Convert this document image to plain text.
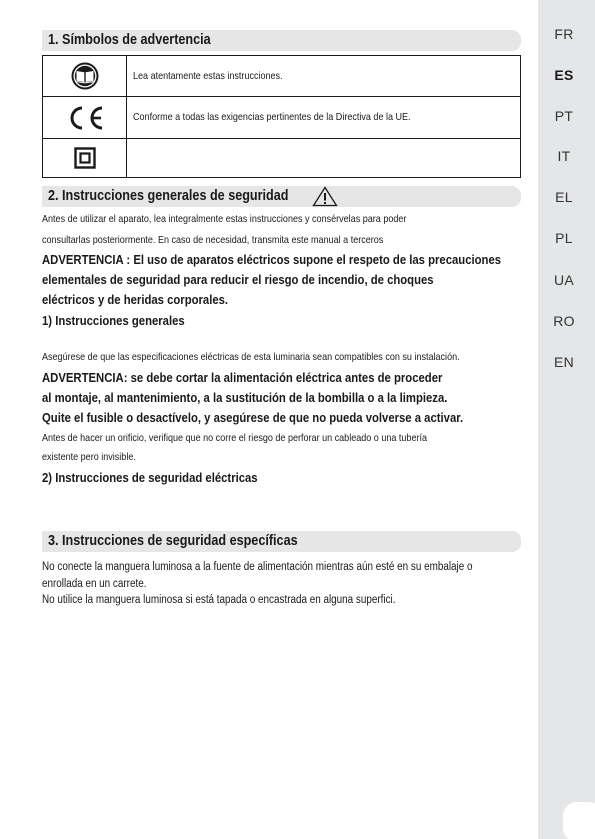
FR
ES
PT
IT
EL
PL
UA
RO
EN
1. Símbolos de advertencia
Lea atentamente estas instrucciones.
Conforme a todas las exigencias pertinentes de la Directiva de la UE.
2. Instrucciones generales de seguridad
Antes de utilizar el aparato, lea integralmente estas instrucciones y consérvelas para poder
consultarlas posteriormente. En caso de necesidad, transmita este manual a terceros
ADVERTENCIA : El uso de aparatos eléctricos supone el respeto de las precauciones
elementales de seguridad para reducir el riesgo de incendio, de choques
eléctricos y de heridas corporales.
1) Instrucciones generales
Asegúrese de que las especificaciones eléctricas de esta luminaria sean compatibles con su instalación.
ADVERTENCIA: se debe cortar la alimentación eléctrica antes de proceder
al montaje, al mantenimiento, a la sustitución de la bombilla o a la limpieza.
Quite el fusible o desactívelo, y asegúrese de que no pueda volverse a activar.
Antes de hacer un orificio, verifique que no corre el riesgo de perforar un cableado o una tubería
existente pero invisible.
2) Instrucciones de seguridad eléctricas
3. Instrucciones de seguridad específicas
No conecte la manguera luminosa a la fuente de alimentación mientras aún esté en su embalaje o
enrollada en un carrete.
No utilice la manguera luminosa si está tapada o encastrada en alguna superfici.
